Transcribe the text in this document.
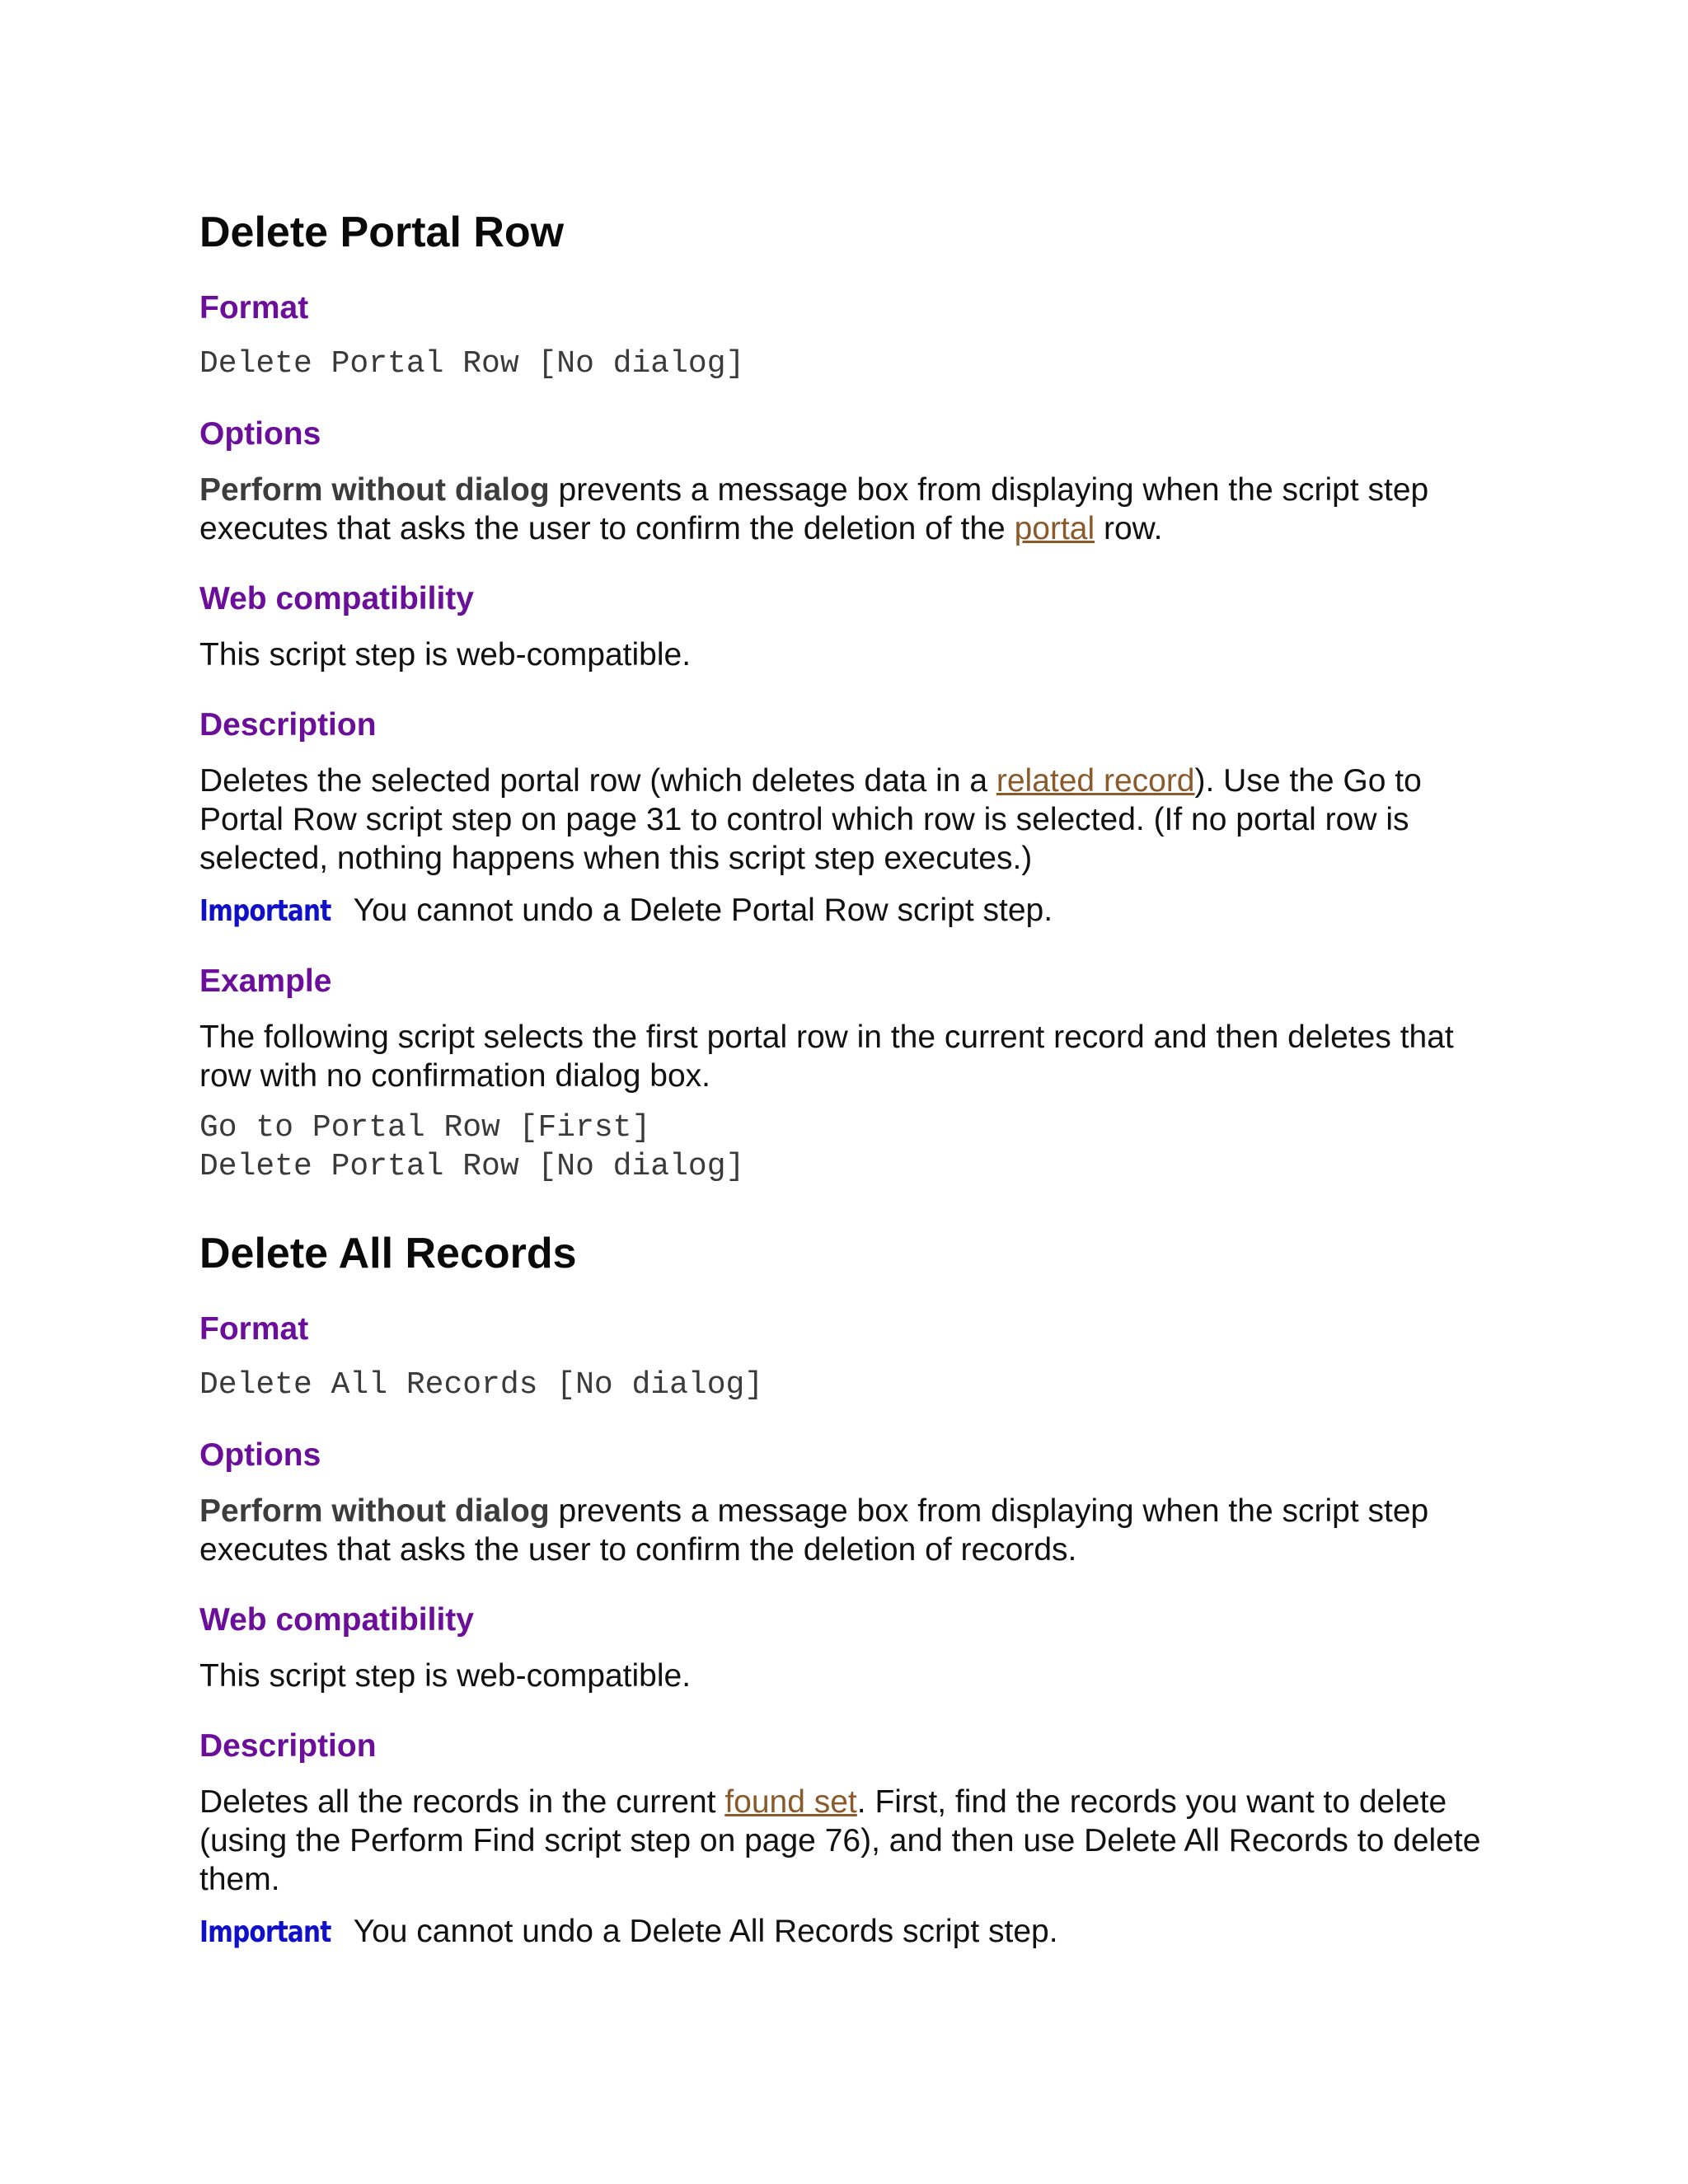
Delete Portal Row
Format
Delete Portal Row [No dialog]
Options

Perform without dialog prevents a message box from displaying when the script step executes that asks the user to confirm the deletion of the portal row.

Web compatibility

This script step is web-compatible.

Description

Deletes the selected portal row (which deletes data in a related record). Use the Go to Portal Row script step on page 31 to control which row is selected. (If no portal row is selected, nothing happens when this script step executes.)

Important You cannot undo a Delete Portal Row script step.

Example

The following script selects the first portal row in the current record and then deletes that row with no confirmation dialog box.

Go to Portal Row [First]
Delete Portal Row [No dialog]
Delete All Records
Format
Delete All Records [No dialog]
Options

Perform without dialog prevents a message box from displaying when the script step executes that asks the user to confirm the deletion of records.

Web compatibility

This script step is web-compatible.

Description

Deletes all the records in the current found set. First, find the records you want to delete (using the Perform Find script step on page 76), and then use Delete All Records to delete them.

Important You cannot undo a Delete All Records script step.
